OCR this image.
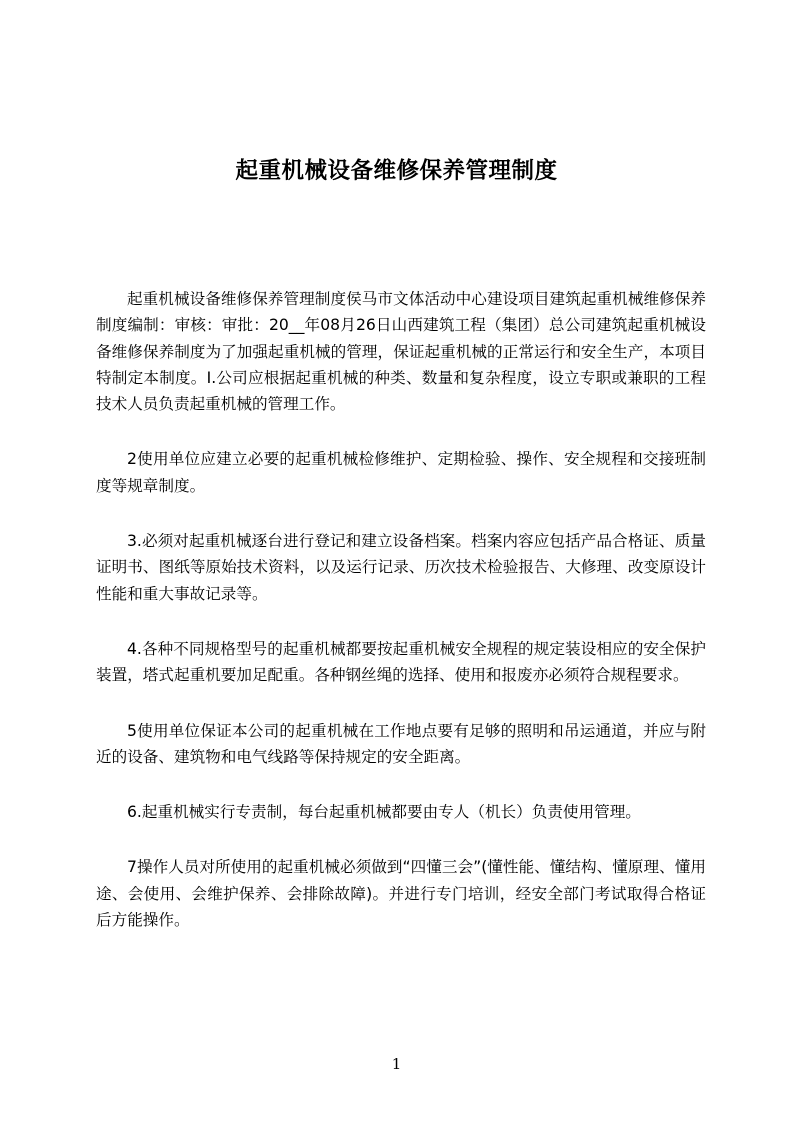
起重机械设备维修保养管理制度

起重机械设备维修保养管理制度侯马市文体活动中心建设项目建筑起重机械维修保养制度编制：审核：审批：20__年08月26日山西建筑工程（集团）总公司建筑起重机械设备维修保养制度为了加强起重机械的管理，保证起重机械的正常运行和安全生产，本项目特制定本制度。I.公司应根据起重机械的种类、数量和复杂程度，设立专职或兼职的工程技术人员负责起重机械的管理工作。

2使用单位应建立必要的起重机械检修维护、定期检验、操作、安全规程和交接班制度等规章制度。

3.必须对起重机械逐台进行登记和建立设备档案。档案内容应包括产品合格证、质量证明书、图纸等原始技术资料，以及运行记录、历次技术检验报告、大修理、改变原设计性能和重大事故记录等。

4.各种不同规格型号的起重机械都要按起重机械安全规程的规定装设相应的安全保护装置，塔式起重机要加足配重。各种钢丝绳的选择、使用和报废亦必须符合规程要求。

5使用单位保证本公司的起重机械在工作地点要有足够的照明和吊运通道，并应与附近的设备、建筑物和电气线路等保持规定的安全距离。

6.起重机械实行专责制，每台起重机械都要由专人（机长）负责使用管理。

7操作人员对所使用的起重机械必须做到“四懂三会”(懂性能、懂结构、懂原理、懂用途、会使用、会维护保养、会排除故障)。并进行专门培训，经安全部门考试取得合格证后方能操作。

1
